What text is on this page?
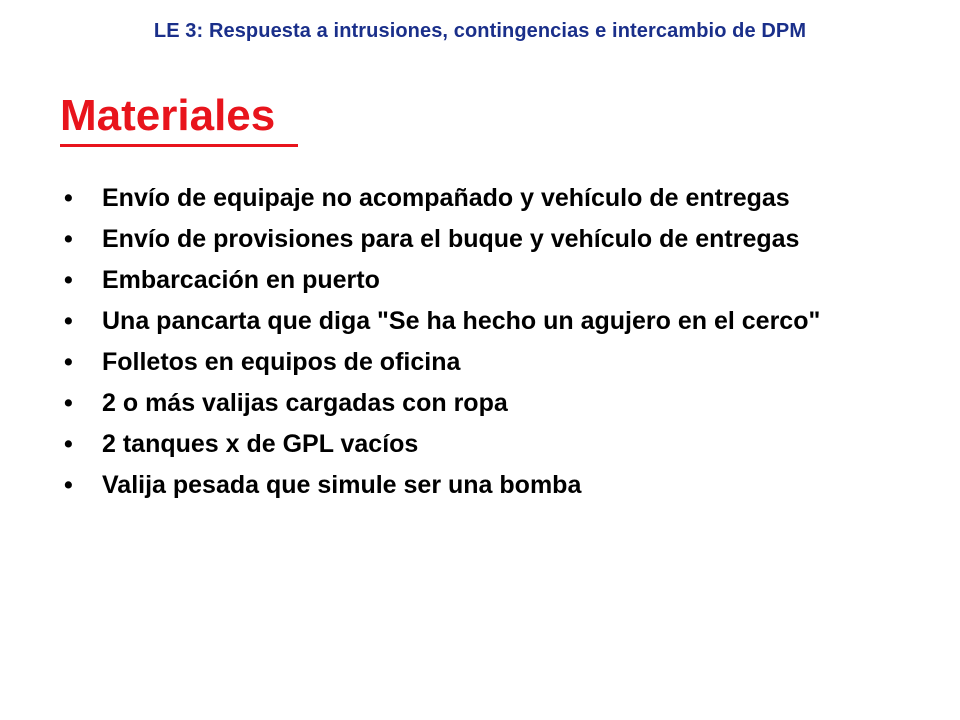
LE 3: Respuesta a intrusiones, contingencias e intercambio de DPM
Materiales
•	Envío de equipaje no acompañado y vehículo de entregas
•	Envío de provisiones para el buque y vehículo de entregas
•	Embarcación en puerto
•	Una pancarta que diga "Se ha hecho un agujero en el cerco"
•	Folletos en equipos de oficina
•	2 o más valijas cargadas con ropa
•	2 tanques x de GPL vacíos
•	Valija pesada que simule ser una bomba
